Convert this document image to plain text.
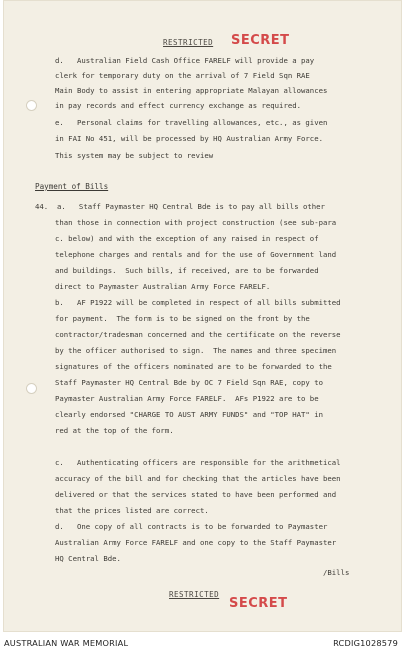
RESTRICTED SECRET
d.   Australian Field Cash Office FARELF will provide a pay
clerk for temporary duty on the arrival of 7 Field Sqn RAE
Main Body to assist in entering appropriate Malayan allowances
in pay records and effect currency exchange as required.
e.   Personal claims for travelling allowances, etc., as given
in FAI No 451, will be processed by HQ Australian Army Force.
This system may be subject to review
Payment of Bills
44.  a.   Staff Paymaster HQ Central Bde is to pay all bills other
than those in connection with project construction (see sub-para
c. below) and with the exception of any raised in respect of
telephone charges and rentals and for the use of Government land
and buildings.  Such bills, if received, are to be forwarded
direct to Paymaster Australian Army Force FARELF.
b.   AF P1922 will be completed in respect of all bills submitted
for payment.  The form is to be signed on the front by the
contractor/tradesman concerned and the certificate on the reverse
by the officer authorised to sign.  The names and three specimen
signatures of the officers nominated are to be forwarded to the
Staff Paymaster HQ Central Bde by OC 7 Field Sqn RAE, copy to
Paymaster Australian Army Force FARELF.  AFs P1922 are to be
clearly endorsed "CHARGE TO AUST ARMY FUNDS" and "TOP HAT" in
red at the top of the form.
c.   Authenticating officers are responsible for the arithmetical
accuracy of the bill and for checking that the articles have been
delivered or that the services stated to have been performed and
that the prices listed are correct.
d.   One copy of all contracts is to be forwarded to Paymaster
Australian Army Force FARELF and one copy to the Staff Paymaster
HQ Central Bde.
/Bills
RESTRICTED
SECRET
AUSTRALIAN WAR MEMORIAL	RCDIG1028579
